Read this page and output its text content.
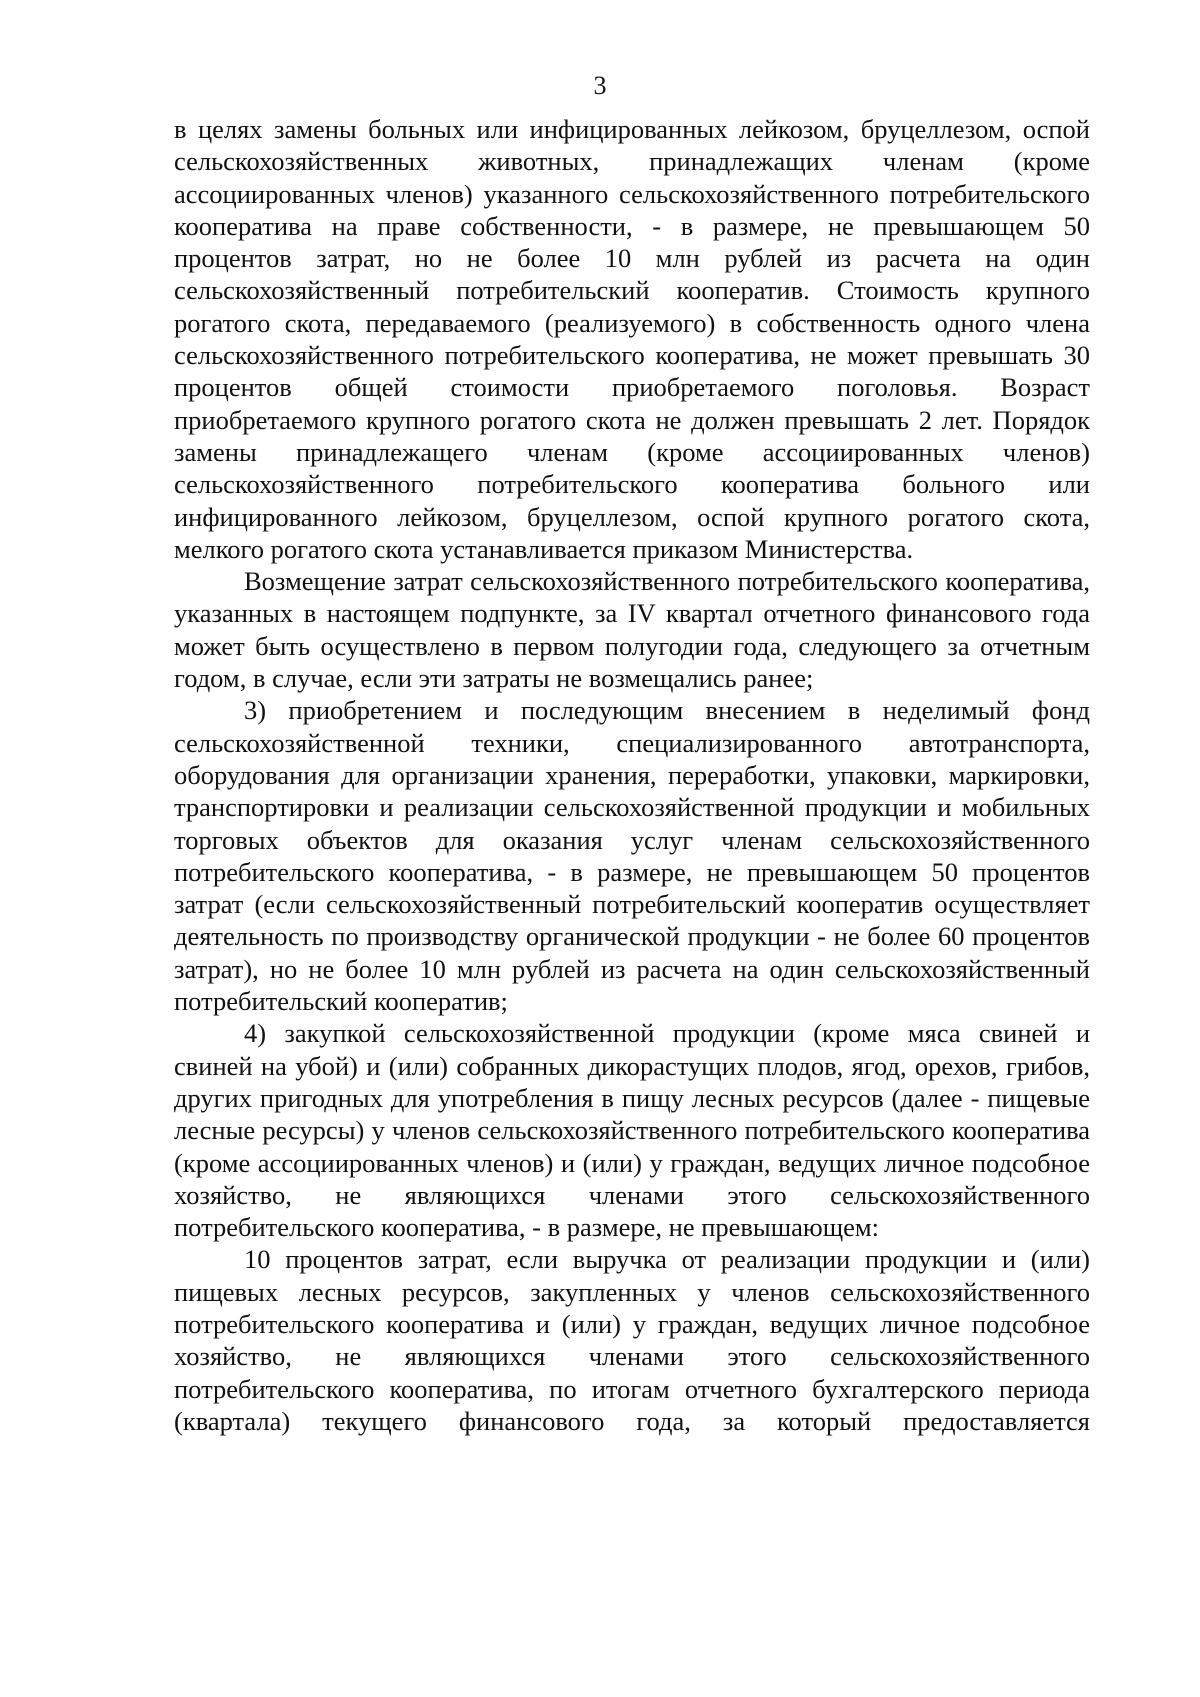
3

в целях замены больных или инфицированных лейкозом, бруцеллезом, оспой сельскохозяйственных животных, принадлежащих членам (кроме ассоциированных членов) указанного сельскохозяйственного потребительского кооператива на праве собственности, - в размере, не превышающем 50 процентов затрат, но не более 10 млн рублей из расчета на один сельскохозяйственный потребительский кооператив. Стоимость крупного рогатого скота, передаваемого (реализуемого) в собственность одного члена сельскохозяйственного потребительского кооператива, не может превышать 30 процентов общей стоимости приобретаемого поголовья. Возраст приобретаемого крупного рогатого скота не должен превышать 2 лет. Порядок замены принадлежащего членам (кроме ассоциированных членов) сельскохозяйственного потребительского кооператива больного или инфицированного лейкозом, бруцеллезом, оспой крупного рогатого скота, мелкого рогатого скота устанавливается приказом Министерства.

Возмещение затрат сельскохозяйственного потребительского кооператива, указанных в настоящем подпункте, за IV квартал отчетного финансового года может быть осуществлено в первом полугодии года, следующего за отчетным годом, в случае, если эти затраты не возмещались ранее;

3) приобретением и последующим внесением в неделимый фонд сельскохозяйственной техники, специализированного автотранспорта, оборудования для организации хранения, переработки, упаковки, маркировки, транспортировки и реализации сельскохозяйственной продукции и мобильных торговых объектов для оказания услуг членам сельскохозяйственного потребительского кооператива, - в размере, не превышающем 50 процентов затрат (если сельскохозяйственный потребительский кооператив осуществляет деятельность по производству органической продукции - не более 60 процентов затрат), но не более 10 млн рублей из расчета на один сельскохозяйственный потребительский кооператив;

4) закупкой сельскохозяйственной продукции (кроме мяса свиней и свиней на убой) и (или) собранных дикорастущих плодов, ягод, орехов, грибов, других пригодных для употребления в пищу лесных ресурсов (далее - пищевые лесные ресурсы) у членов сельскохозяйственного потребительского кооператива (кроме ассоциированных членов) и (или) у граждан, ведущих личное подсобное хозяйство, не являющихся членами этого сельскохозяйственного потребительского кооператива, - в размере, не превышающем:

10 процентов затрат, если выручка от реализации продукции и (или) пищевых лесных ресурсов, закупленных у членов сельскохозяйственного потребительского кооператива и (или) у граждан, ведущих личное подсобное хозяйство, не являющихся членами этого сельскохозяйственного потребительского кооператива, по итогам отчетного бухгалтерского периода (квартала) текущего финансового года, за который предоставляется
